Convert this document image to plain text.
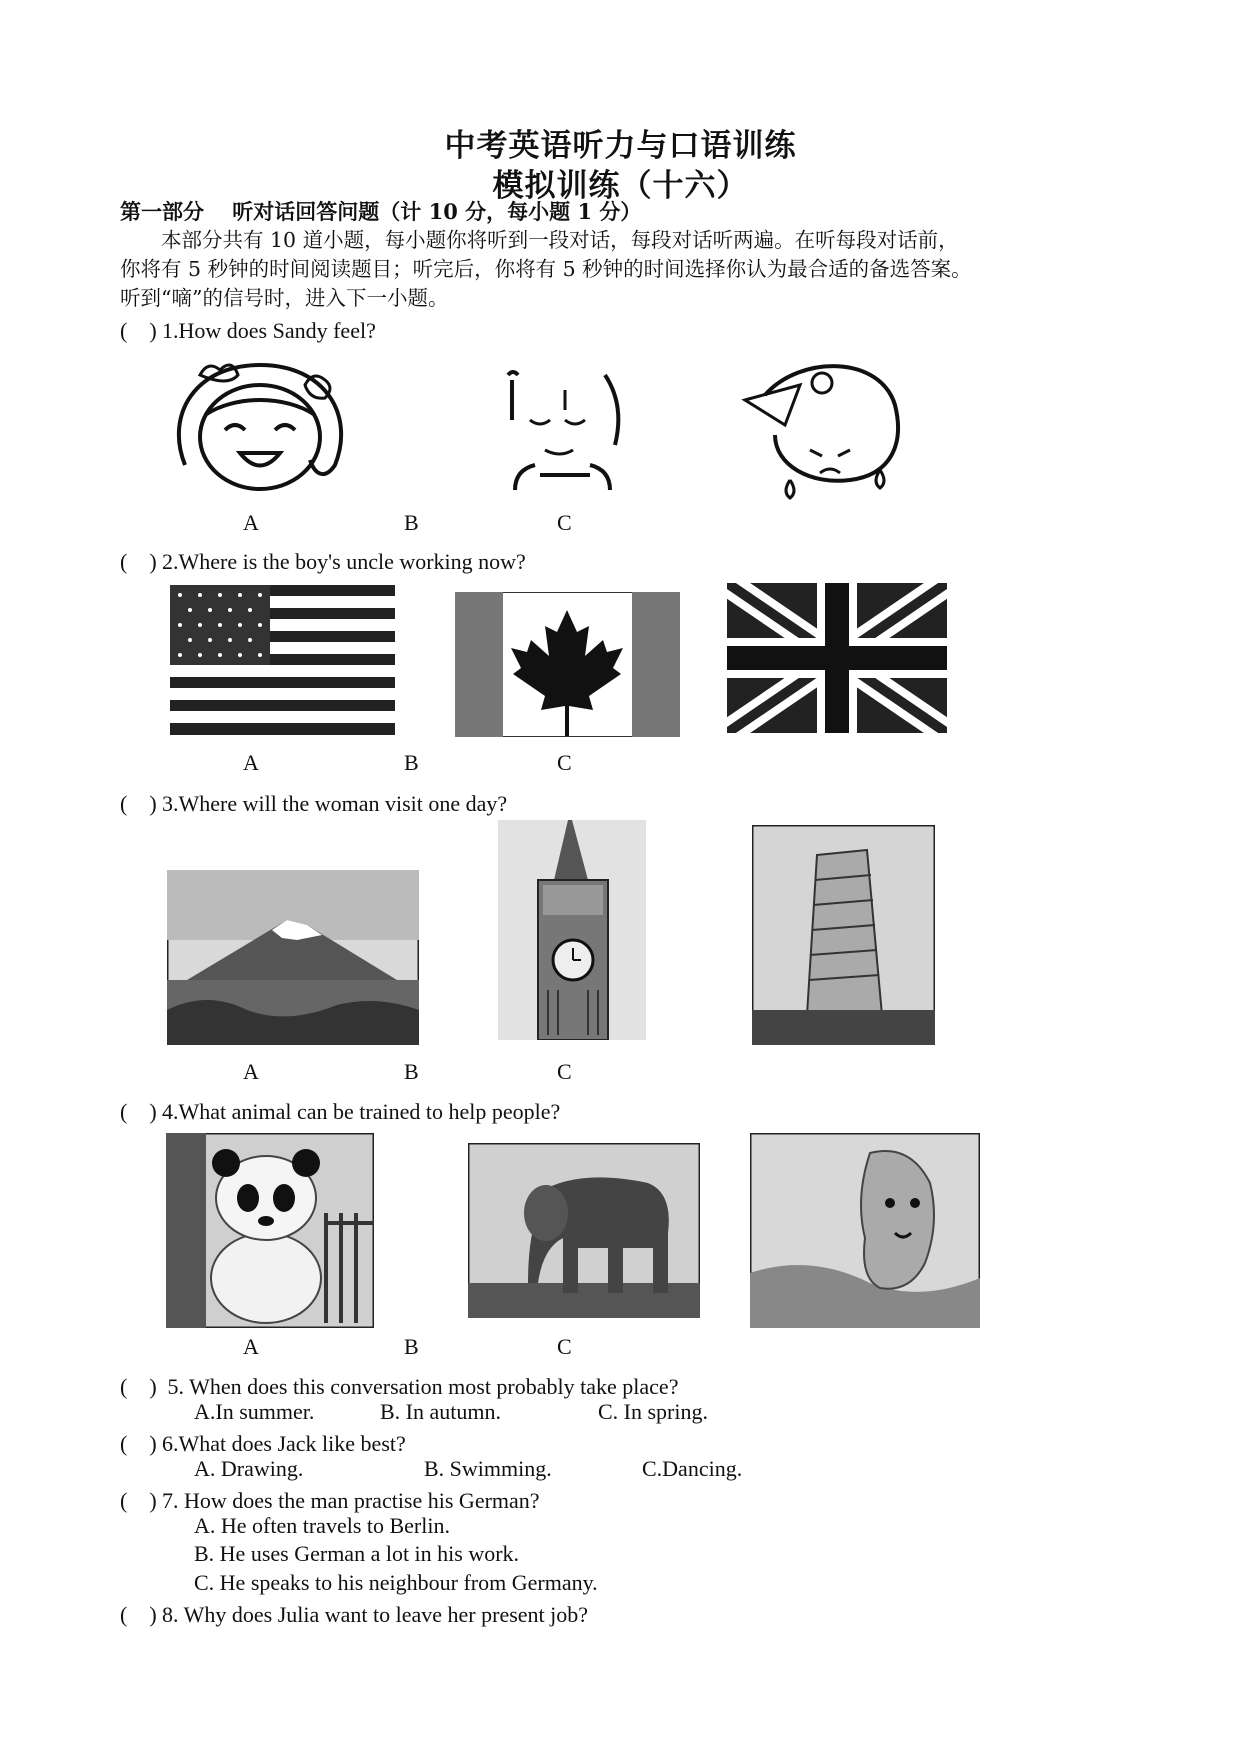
中考英语听力与口语训练
模拟训练（十六）
第一部分　 听对话回答问题（计 10 分，每小题 1 分）
　　本部分共有 10 道小题，每小题你将听到一段对话，每段对话听两遍。在听每段对话前，
你将有 5 秒钟的时间阅读题目；听完后，你将有 5 秒钟的时间选择你认为最合适的备选答案。
听到“嘀”的信号时，进入下一小题。
(　) 1.How does Sandy feel?
A	B	C
(　) 2.Where is the boy's uncle working now?
A	B	C
(　) 3.Where will the woman visit one day?
A	B	C
(　) 4.What animal can be trained to help people?
A	B	C
(　) 5. When does this conversation most probably take place?
A.In summer.	B. In autumn.	C. In spring.
(　) 6.What does Jack like best?
A. Drawing.	B. Swimming.	C.Dancing.
(　) 7. How does the man practise his German?
A. He often travels to Berlin.
B. He uses German a lot in his work.
C. He speaks to his neighbour from Germany.
(　) 8. Why does Julia want to leave her present job?
